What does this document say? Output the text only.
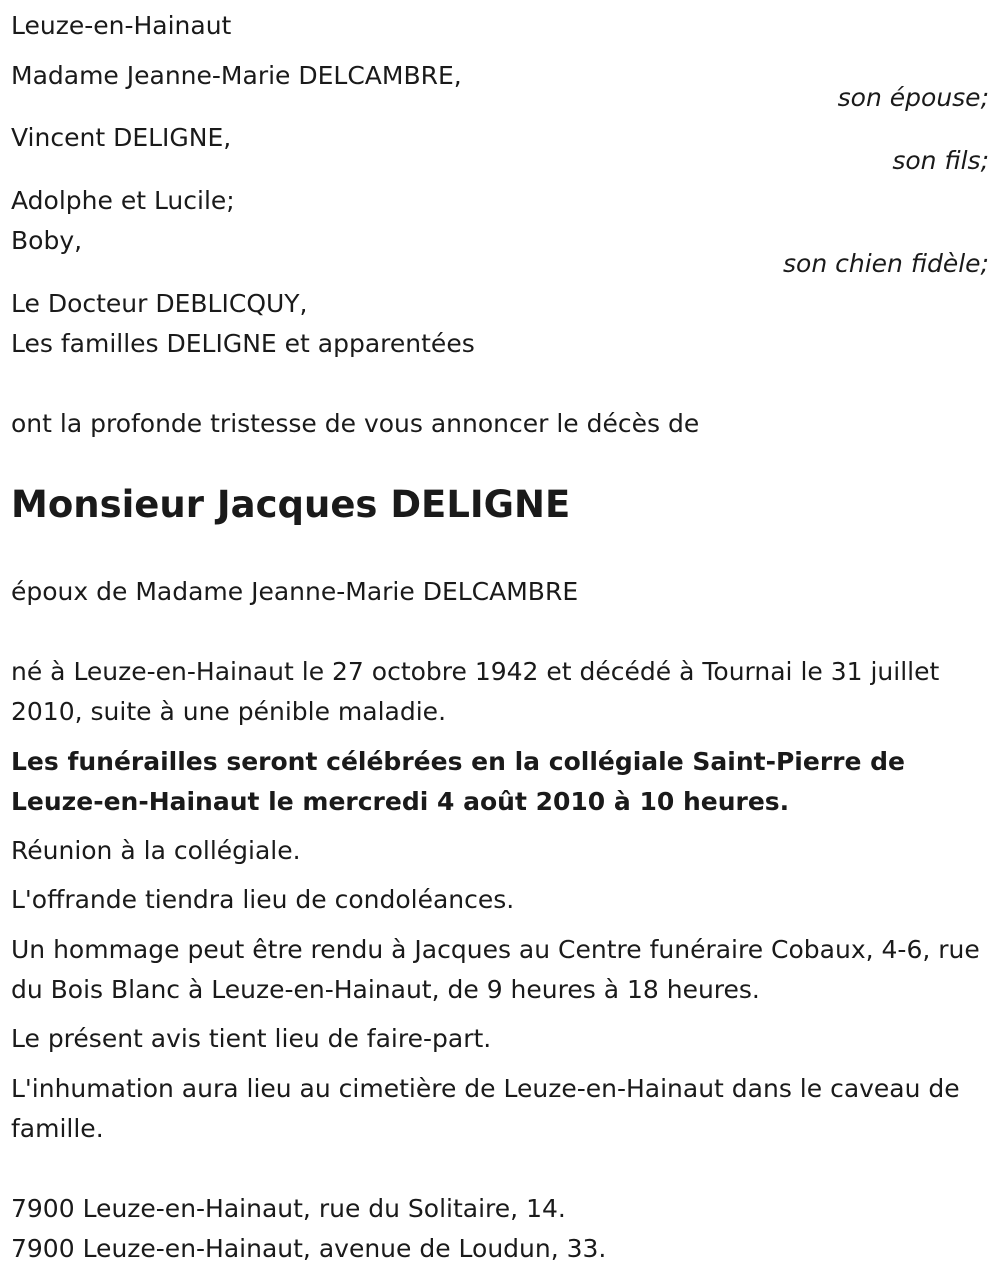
Leuze-en-Hainaut
Madame Jeanne-Marie DELCAMBRE,
son épouse;
Vincent DELIGNE,
son fils;
Adolphe et Lucile;
Boby,
son chien fidèle;
Le Docteur DEBLICQUY,
Les familles DELIGNE et apparentées
ont la profonde tristesse de vous annoncer le décès de
Monsieur Jacques DELIGNE
époux de Madame Jeanne-Marie DELCAMBRE
né à Leuze-en-Hainaut le 27 octobre 1942 et décédé à Tournai le 31 juillet 2010, suite à une pénible maladie.
Les funérailles seront célébrées en la collégiale Saint-Pierre de Leuze-en-Hainaut le mercredi 4 août 2010 à 10 heures.
Réunion à la collégiale.
L'offrande tiendra lieu de condoléances.
Un hommage peut être rendu à Jacques au Centre funéraire Cobaux, 4-6, rue du Bois Blanc à Leuze-en-Hainaut, de 9 heures à 18 heures.
Le présent avis tient lieu de faire-part.
L'inhumation aura lieu au cimetière de Leuze-en-Hainaut dans le caveau de famille.
7900 Leuze-en-Hainaut, rue du Solitaire, 14.
7900 Leuze-en-Hainaut, avenue de Loudun, 33.
